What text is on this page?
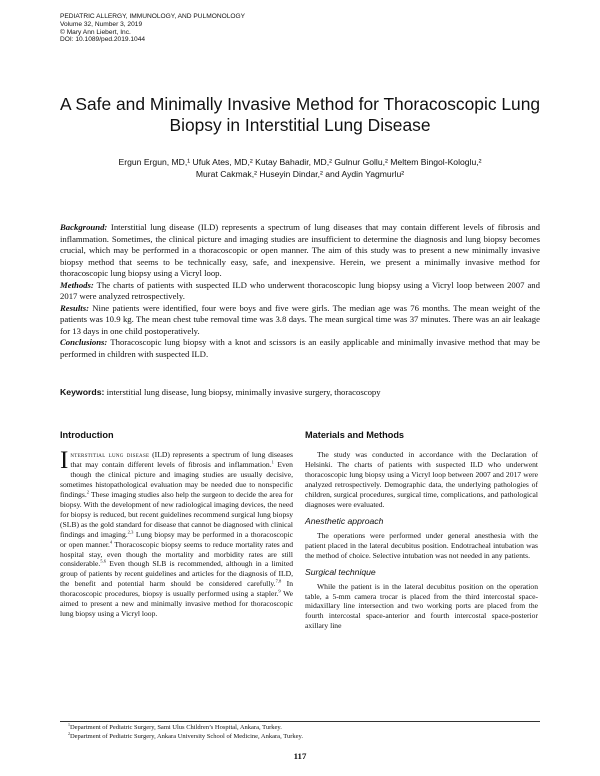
PEDIATRIC ALLERGY, IMMUNOLOGY, AND PULMONOLOGY
Volume 32, Number 3, 2019
© Mary Ann Liebert, Inc.
DOI: 10.1089/ped.2019.1044
A Safe and Minimally Invasive Method for Thoracoscopic Lung Biopsy in Interstitial Lung Disease
Ergun Ergun, MD,¹ Ufuk Ates, MD,² Kutay Bahadir, MD,² Gulnur Gollu,² Meltem Bingol-Kologlu,²
Murat Cakmak,² Huseyin Dindar,² and Aydin Yagmurlu²

Background: Interstitial lung disease (ILD) represents a spectrum of lung diseases that may contain different levels of fibrosis and inflammation. Sometimes, the clinical picture and imaging studies are insufficient to determine the diagnosis and lung biopsy becomes crucial, which may be performed in a thoracoscopic or open manner. The aim of this study was to present a new minimally invasive biopsy method that seems to be technically easy, safe, and inexpensive. Herein, we present a minimally invasive method for thoracoscopic lung biopsy using a Vicryl loop.

Methods: The charts of patients with suspected ILD who underwent thoracoscopic lung biopsy using a Vicryl loop between 2007 and 2017 were analyzed retrospectively.

Results: Nine patients were identified, four were boys and five were girls. The median age was 76 months. The mean weight of the patients was 10.9 kg. The mean chest tube removal time was 3.8 days. The mean surgical time was 37 minutes. There was an air leakage for 13 days in one child postoperatively.

Conclusions: Thoracoscopic lung biopsy with a knot and scissors is an easily applicable and minimally invasive method that may be performed in children with suspected ILD.

Keywords: interstitial lung disease, lung biopsy, minimally invasive surgery, thoracoscopy
Introduction

Interstitial lung disease (ILD) represents a spectrum of lung diseases that may contain different levels of fibrosis and inflammation.$^1$ Even though the clinical picture and imaging studies are usually decisive, sometimes histopathological evaluation may be needed due to nonspecific findings.$^2$ These imaging studies also help the surgeon to decide the area for biopsy. With the development of new radiological imaging devices, the need for biopsy is reduced, but recent guidelines recommend surgical lung biopsy (SLB) as the gold standard for disease that cannot be diagnosed with clinical findings and imaging.$^{2,3}$ Lung biopsy may be performed in a thoracoscopic or open manner.$^4$ Thoracoscopic biopsy seems to reduce mortality rates and hospital stay, even though the mortality and morbidity rates are still considerable.$^{5,6}$ Even though SLB is recommended, although in a limited group of patients by recent guidelines and articles for the diagnosis of ILD, the benefit and potential harm should be considered carefully.$^{7,8}$ In thoracoscopic procedures, biopsy is usually performed using a stapler.$^9$ We aimed to present a new and minimally invasive method for thoracoscopic lung biopsy using a Vicryl loop.

Materials and Methods

The study was conducted in accordance with the Declaration of Helsinki. The charts of patients with suspected ILD who underwent thoracoscopic lung biopsy using a Vicryl loop between 2007 and 2017 were analyzed retrospectively. Demographic data, the underlying pathologies of children, surgical procedures, surgical time, complications, and pathological diagnoses were evaluated.

Anesthetic approach

The operations were performed under general anesthesia with the patient placed in the lateral decubitus position. Endotracheal intubation was the method of choice. Selective intubation was not needed in any patients.

Surgical technique

While the patient is in the lateral decubitus position on the operation table, a 5-mm camera trocar is placed from the third intercostal space-midaxillary line intersection and two working ports are placed from the fourth intercostal space-anterior and fourth intercostal space-posterior axillary line

$^1$Department of Pediatric Surgery, Sami Ulus Children’s Hospital, Ankara, Turkey.
$^2$Department of Pediatric Surgery, Ankara University School of Medicine, Ankara, Turkey.
117
